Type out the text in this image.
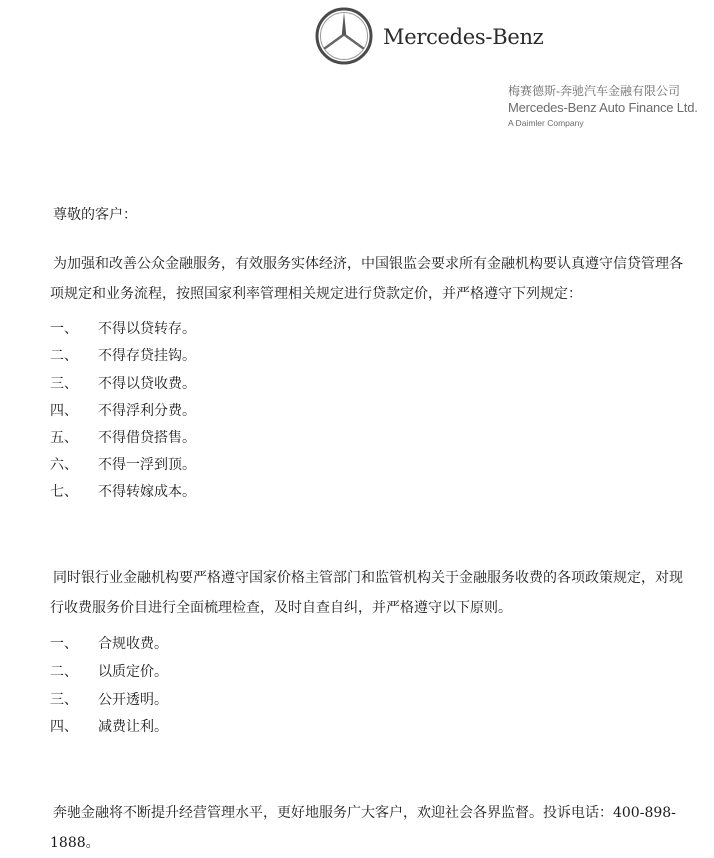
Mercedes-Benz
梅赛德斯-奔驰汽车金融有限公司
Mercedes-Benz Auto Finance Ltd.
A Daimler Company

尊敬的客户：

为加强和改善公众金融服务，有效服务实体经济，中国银监会要求所有金融机构要认真遵守信贷管理各项规定和业务流程，按照国家利率管理相关规定进行贷款定价，并严格遵守下列规定：

一、 不得以贷转存。
二、 不得存贷挂钩。
三、 不得以贷收费。
四、 不得浮利分费。
五、 不得借贷搭售。
六、 不得一浮到顶。
七、 不得转嫁成本。

同时银行业金融机构要严格遵守国家价格主管部门和监管机构关于金融服务收费的各项政策规定，对现行收费服务价目进行全面梳理检查，及时自查自纠，并严格遵守以下原则。

一、 合规收费。
二、 以质定价。
三、 公开透明。
四、 减费让利。

奔驰金融将不断提升经营管理水平，更好地服务广大客户，欢迎社会各界监督。投诉电话：400-898-1888。
